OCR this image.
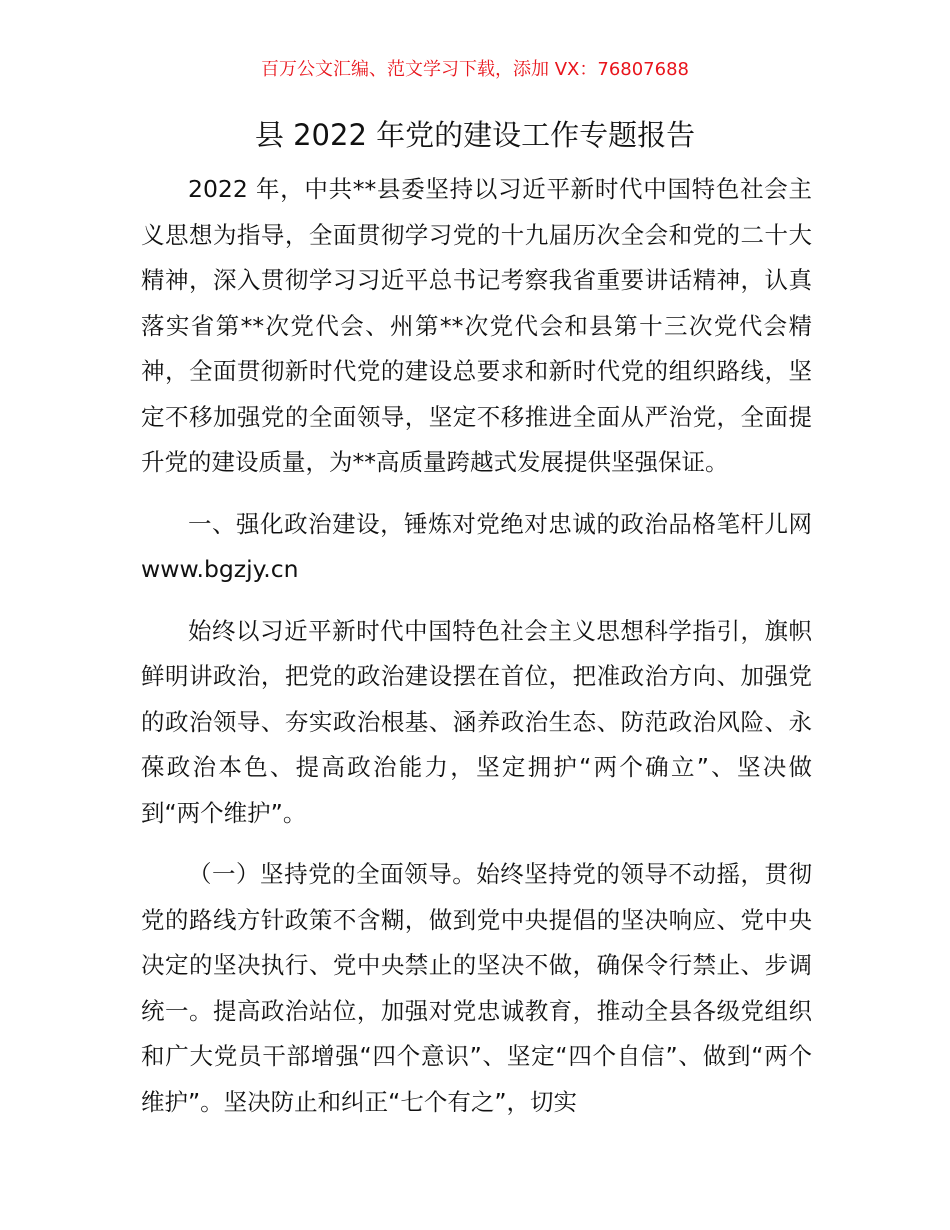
百万公文汇编、范文学习下载，添加 VX：76807688
县 2022 年党的建设工作专题报告

2022 年，中共**县委坚持以习近平新时代中国特色社会主义思想为指导，全面贯彻学习党的十九届历次全会和党的二十大精神，深入贯彻学习习近平总书记考察我省重要讲话精神，认真落实省第**次党代会、州第**次党代会和县第十三次党代会精神，全面贯彻新时代党的建设总要求和新时代党的组织路线，坚定不移加强党的全面领导，坚定不移推进全面从严治党，全面提升党的建设质量，为**高质量跨越式发展提供坚强保证。

一、强化政治建设，锤炼对党绝对忠诚的政治品格笔杆儿网 www.bgzjy.cn

始终以习近平新时代中国特色社会主义思想科学指引，旗帜鲜明讲政治，把党的政治建设摆在首位，把准政治方向、加强党的政治领导、夯实政治根基、涵养政治生态、防范政治风险、永葆政治本色、提高政治能力，坚定拥护“两个确立”、坚决做到“两个维护”。

（一）坚持党的全面领导。始终坚持党的领导不动摇，贯彻党的路线方针政策不含糊，做到党中央提倡的坚决响应、党中央决定的坚决执行、党中央禁止的坚决不做，确保令行禁止、步调统一。提高政治站位，加强对党忠诚教育，推动全县各级党组织和广大党员干部增强“四个意识”、坚定“四个自信”、做到“两个维护”。坚决防止和纠正“七个有之”，切实
